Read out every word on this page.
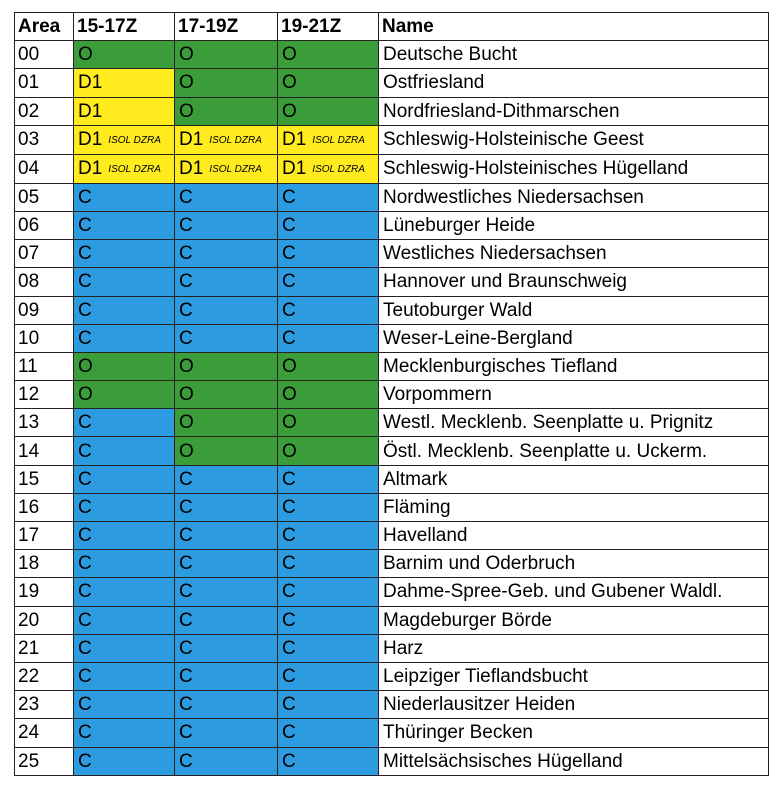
Area	15-17Z	17-19Z	19-21Z	Name
00	O	O	O	Deutsche Bucht
01	D1	O	O	Ostfriesland
02	D1	O	O	Nordfriesland-Dithmarschen
03	D1 $^{ISOL DZRA}$	D1 $^{ISOL DZRA}$	D1 $^{ISOL DZRA}$	Schleswig-Holsteinische Geest
04	D1 $^{ISOL DZRA}$	D1 $^{ISOL DZRA}$	D1 $^{ISOL DZRA}$	Schleswig-Holsteinisches Hügelland
05	C	C	C	Nordwestliches Niedersachsen
06	C	C	C	Lüneburger Heide
07	C	C	C	Westliches Niedersachsen
08	C	C	C	Hannover und Braunschweig
09	C	C	C	Teutoburger Wald
10	C	C	C	Weser-Leine-Bergland
11	O	O	O	Mecklenburgisches Tiefland
12	O	O	O	Vorpommern
13	C	O	O	Westl. Mecklenb. Seenplatte u. Prignitz
14	C	O	O	Östl. Mecklenb. Seenplatte u. Uckerm.
15	C	C	C	Altmark
16	C	C	C	Fläming
17	C	C	C	Havelland
18	C	C	C	Barnim und Oderbruch
19	C	C	C	Dahme-Spree-Geb. und Gubener Waldl.
20	C	C	C	Magdeburger Börde
21	C	C	C	Harz
22	C	C	C	Leipziger Tieflandsbucht
23	C	C	C	Niederlausitzer Heiden
24	C	C	C	Thüringer Becken
25	C	C	C	Mittelsächsisches Hügelland
